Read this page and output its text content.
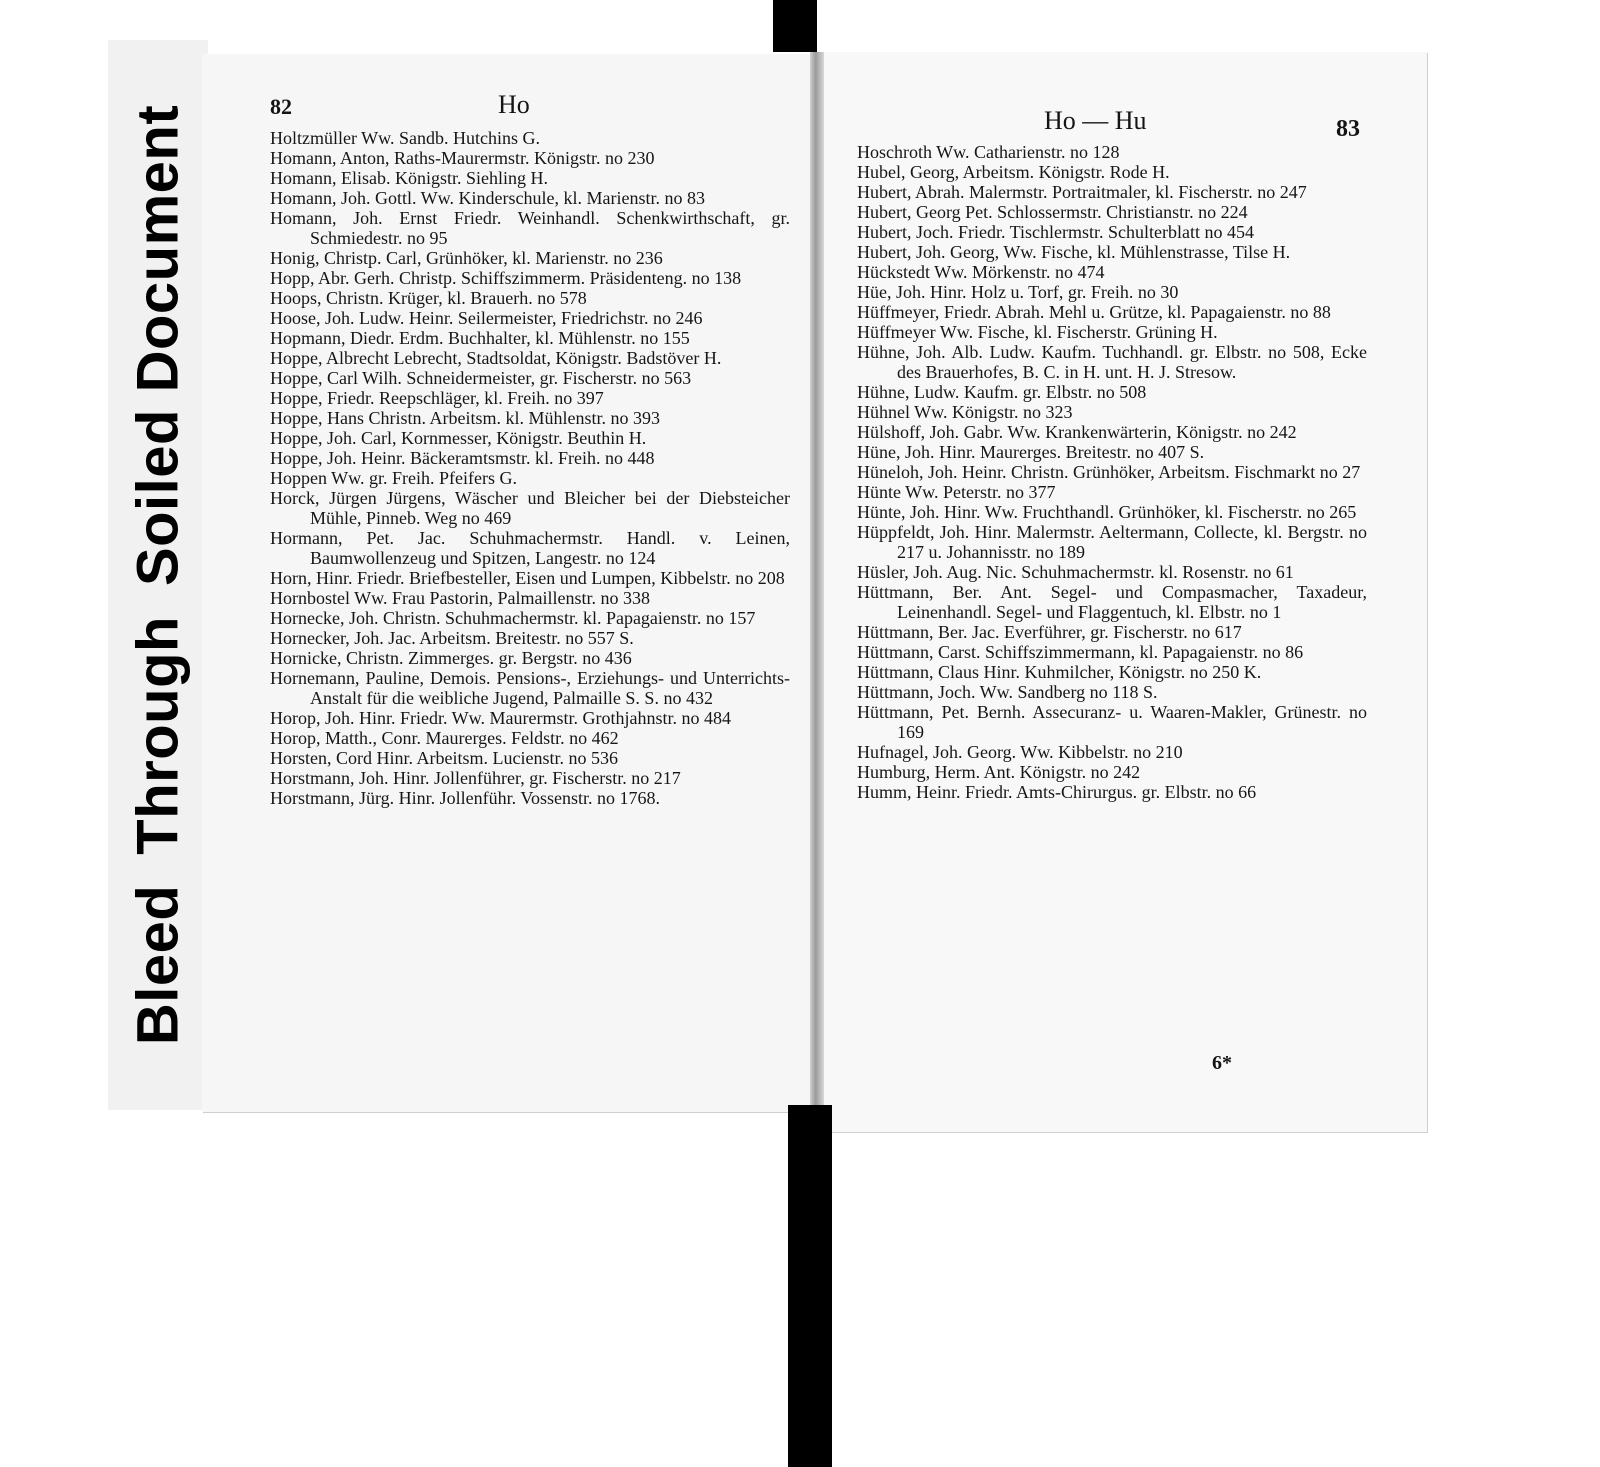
BleedThroughSoiled Document	82	Ho
Ho — Hu	83

Holtzmüller Ww. Sandb. Hutchins G.

Homann, Anton, Raths-Maurermstr. Königstr. no 230

Homann, Elisab. Königstr. Siehling H.

Homann, Joh. Gottl. Ww. Kinderschule, kl. Marienstr. no 83

Homann, Joh. Ernst Friedr. Weinhandl. Schenkwirthschaft, gr. Schmiedestr. no 95

Honig, Christp. Carl, Grünhöker, kl. Marienstr. no 236

Hopp, Abr. Gerh. Christp. Schiffszimmerm. Präsidenteng. no 138

Hoops, Christn. Krüger, kl. Brauerh. no 578

Hoose, Joh. Ludw. Heinr. Seilermeister, Friedrichstr. no 246

Hopmann, Diedr. Erdm. Buchhalter, kl. Mühlenstr. no 155

Hoppe, Albrecht Lebrecht, Stadtsoldat, Königstr. Badstöver H.

Hoppe, Carl Wilh. Schneidermeister, gr. Fischerstr. no 563

Hoppe, Friedr. Reepschläger, kl. Freih. no 397

Hoppe, Hans Christn. Arbeitsm. kl. Mühlenstr. no 393

Hoppe, Joh. Carl, Kornmesser, Königstr. Beuthin H.

Hoppe, Joh. Heinr. Bäckeramtsmstr. kl. Freih. no 448

Hoppen Ww. gr. Freih. Pfeifers G.

Horck, Jürgen Jürgens, Wäscher und Bleicher bei der Diebsteicher Mühle, Pinneb. Weg no 469

Hormann, Pet. Jac. Schuhmachermstr. Handl. v. Leinen, Baumwollenzeug und Spitzen, Langestr. no 124

Horn, Hinr. Friedr. Briefbesteller, Eisen und Lumpen, Kibbelstr. no 208

Hornbostel Ww. Frau Pastorin, Palmaillenstr. no 338

Hornecke, Joh. Christn. Schuhmachermstr. kl. Papagaienstr. no 157

Hornecker, Joh. Jac. Arbeitsm. Breitestr. no 557 S.

Hornicke, Christn. Zimmerges. gr. Bergstr. no 436

Hornemann, Pauline, Demois. Pensions-, Erziehungs- und Unterrichts-Anstalt für die weibliche Jugend, Palmaille S. S. no 432

Horop, Joh. Hinr. Friedr. Ww. Maurermstr. Grothjahnstr. no 484

Horop, Matth., Conr. Maurerges. Feldstr. no 462

Horsten, Cord Hinr. Arbeitsm. Lucienstr. no 536

Horstmann, Joh. Hinr. Jollenführer, gr. Fischerstr. no 217

Horstmann, Jürg. Hinr. Jollenführ. Vossenstr. no 1768.

Hoschroth Ww. Catharienstr. no 128

Hubel, Georg, Arbeitsm. Königstr. Rode H.

Hubert, Abrah. Malermstr. Portraitmaler, kl. Fischerstr. no 247

Hubert, Georg Pet. Schlossermstr. Christianstr. no 224

Hubert, Joch. Friedr. Tischlermstr. Schulterblatt no 454

Hubert, Joh. Georg, Ww. Fische, kl. Mühlenstrasse, Tilse H.

Hückstedt Ww. Mörkenstr. no 474

Hüe, Joh. Hinr. Holz u. Torf, gr. Freih. no 30

Hüffmeyer, Friedr. Abrah. Mehl u. Grütze, kl. Papagaienstr. no 88

Hüffmeyer Ww. Fische, kl. Fischerstr. Grüning H.

Hühne, Joh. Alb. Ludw. Kaufm. Tuchhandl. gr. Elbstr. no 508, Ecke des Brauerhofes, B. C. in H. unt. H. J. Stresow.

Hühne, Ludw. Kaufm. gr. Elbstr. no 508

Hühnel Ww. Königstr. no 323

Hülshoff, Joh. Gabr. Ww. Krankenwärterin, Königstr. no 242

Hüne, Joh. Hinr. Maurerges. Breitestr. no 407 S.

Hüneloh, Joh. Heinr. Christn. Grünhöker, Arbeitsm. Fischmarkt no 27

Hünte Ww. Peterstr. no 377

Hünte, Joh. Hinr. Ww. Fruchthandl. Grünhöker, kl. Fischerstr. no 265

Hüppfeldt, Joh. Hinr. Malermstr. Aeltermann, Collecte, kl. Bergstr. no 217 u. Johannisstr. no 189

Hüsler, Joh. Aug. Nic. Schuhmachermstr. kl. Rosenstr. no 61

Hüttmann, Ber. Ant. Segel- und Compasmacher, Taxadeur, Leinenhandl. Segel- und Flaggentuch, kl. Elbstr. no 1

Hüttmann, Ber. Jac. Everführer, gr. Fischerstr. no 617

Hüttmann, Carst. Schiffszimmermann, kl. Papagaienstr. no 86

Hüttmann, Claus Hinr. Kuhmilcher, Königstr. no 250 K.

Hüttmann, Joch. Ww. Sandberg no 118 S.

Hüttmann, Pet. Bernh. Assecuranz- u. Waaren-Makler, Grünestr. no 169

Hufnagel, Joh. Georg. Ww. Kibbelstr. no 210

Humburg, Herm. Ant. Königstr. no 242

Humm, Heinr. Friedr. Amts-Chirurgus. gr. Elbstr. no 66

6*
